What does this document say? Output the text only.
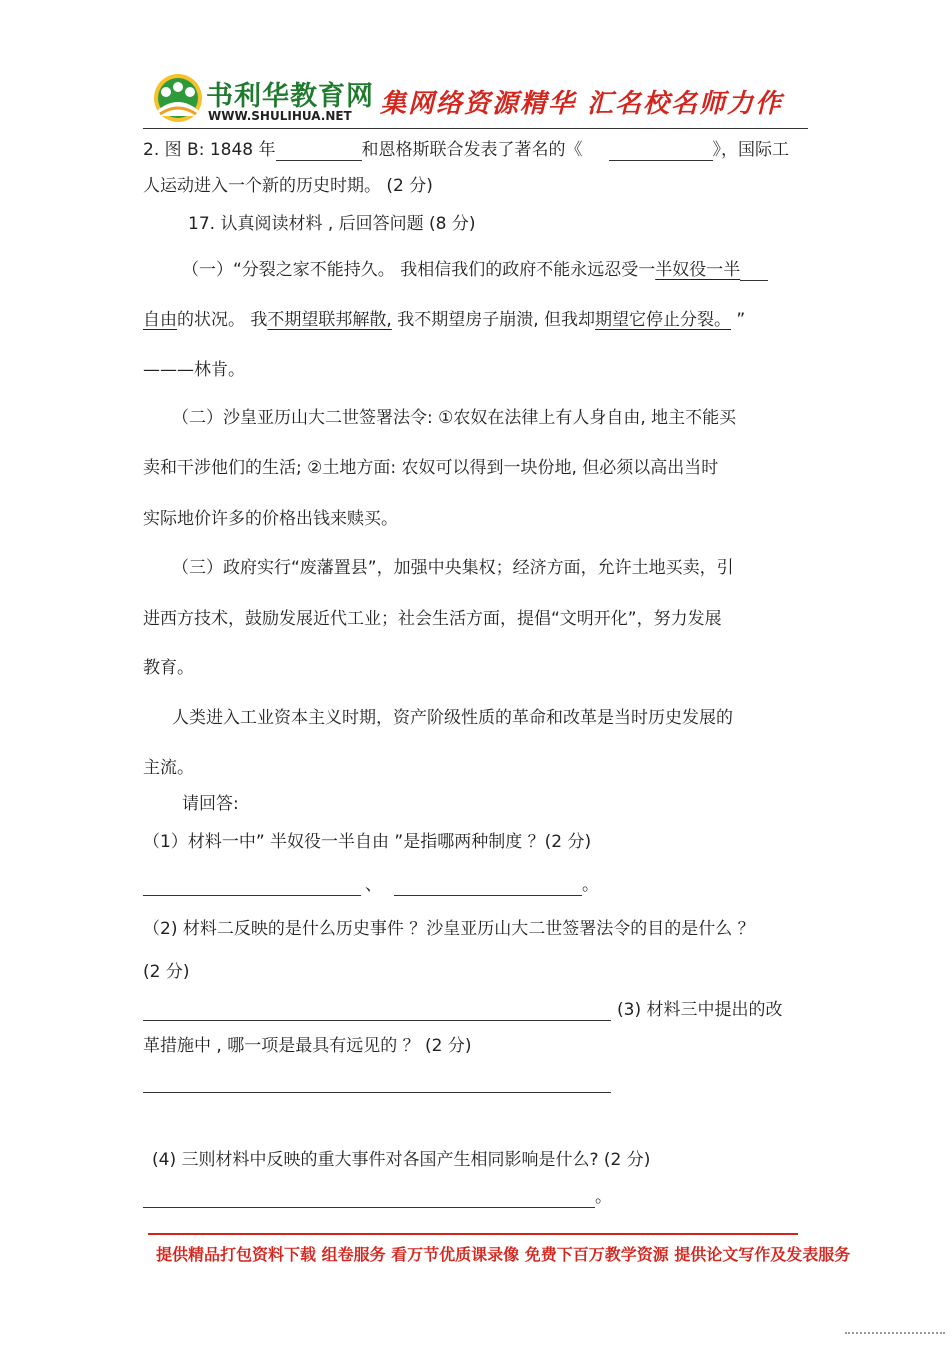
书利华教育网
WWW.SHULIHUA.NET 集网络资源精华 汇名校名师力作
2. 图 B: 1848 年	和恩格斯联合发表了著名的《	》，国际工
人运动进入一个新的历史时期。 (2 分)
17. 认真阅读材料 , 后回答问题 (8 分)
（一）“分裂之家不能持久。 我相信我们的政府不能永远忍受一半奴役一半
自由的状况。 我不期望联邦解散, 我不期望房子崩溃, 但我却期望它停止分裂。 ”
———林肯。
（二）沙皇亚历山大二世签署法令: ①农奴在法律上有人身自由, 地主不能买
卖和干涉他们的生活; ②土地方面: 农奴可以得到一块份地, 但必须以高出当时
实际地价许多的价格出钱来赎买。
（三）政府实行“废藩置县”，加强中央集权；经济方面，允许土地买卖，引
进西方技术，鼓励发展近代工业；社会生活方面，提倡“文明开化”，努力发展
教育。
人类进入工业资本主义时期，资产阶级性质的革命和改革是当时历史发展的
主流。
请回答:
（1）材料一中” 半奴役一半自由 ”是指哪两种制度 ？(2 分)
、	。
（2) 材料二反映的是什么历史事件 ？沙皇亚历山大二世签署法令的目的是什么 ？
(2 分)
(3) 材料三中提出的改
革措施中 , 哪一项是最具有远见的 ？ (2 分)
(4) 三则材料中反映的重大事件对各国产生相同影响是什么? (2 分)
。
提供精品打包资料下载 组卷服务 看万节优质课录像 免费下百万教学资源 提供论文写作及发表服务
